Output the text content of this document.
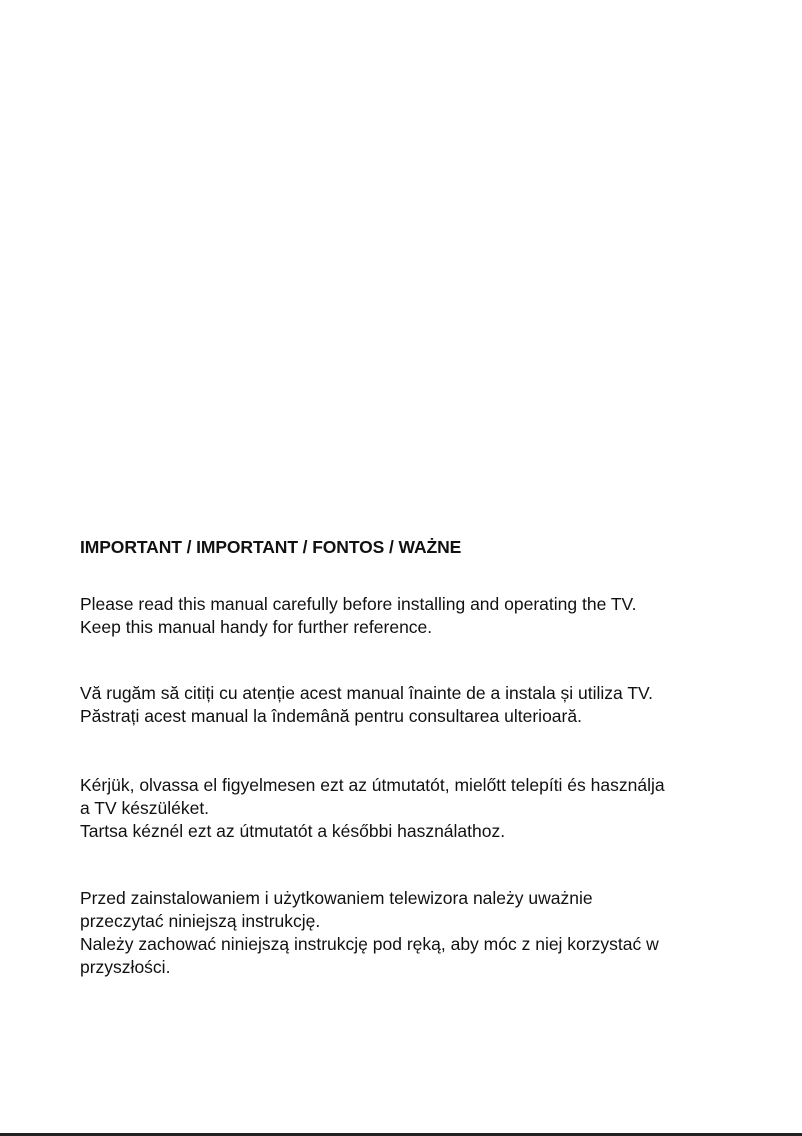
IMPORTANT / IMPORTANT / FONTOS / WAŻNE

Please read this manual carefully before installing and operating the TV.

Keep this manual handy for further reference.

Vă rugăm să citiți cu atenție acest manual înainte de a instala și utiliza TV.

Păstrați acest manual la îndemână pentru consultarea ulterioară.

Kérjük, olvassa el figyelmesen ezt az útmutatót, mielőtt telepíti és használja

a TV készüléket.

Tartsa kéznél ezt az útmutatót a későbbi használathoz.

Przed zainstalowaniem i użytkowaniem telewizora należy uważnie

przeczytać niniejszą instrukcję.

Należy zachować niniejszą instrukcję pod ręką, aby móc z niej korzystać w

przyszłości.
